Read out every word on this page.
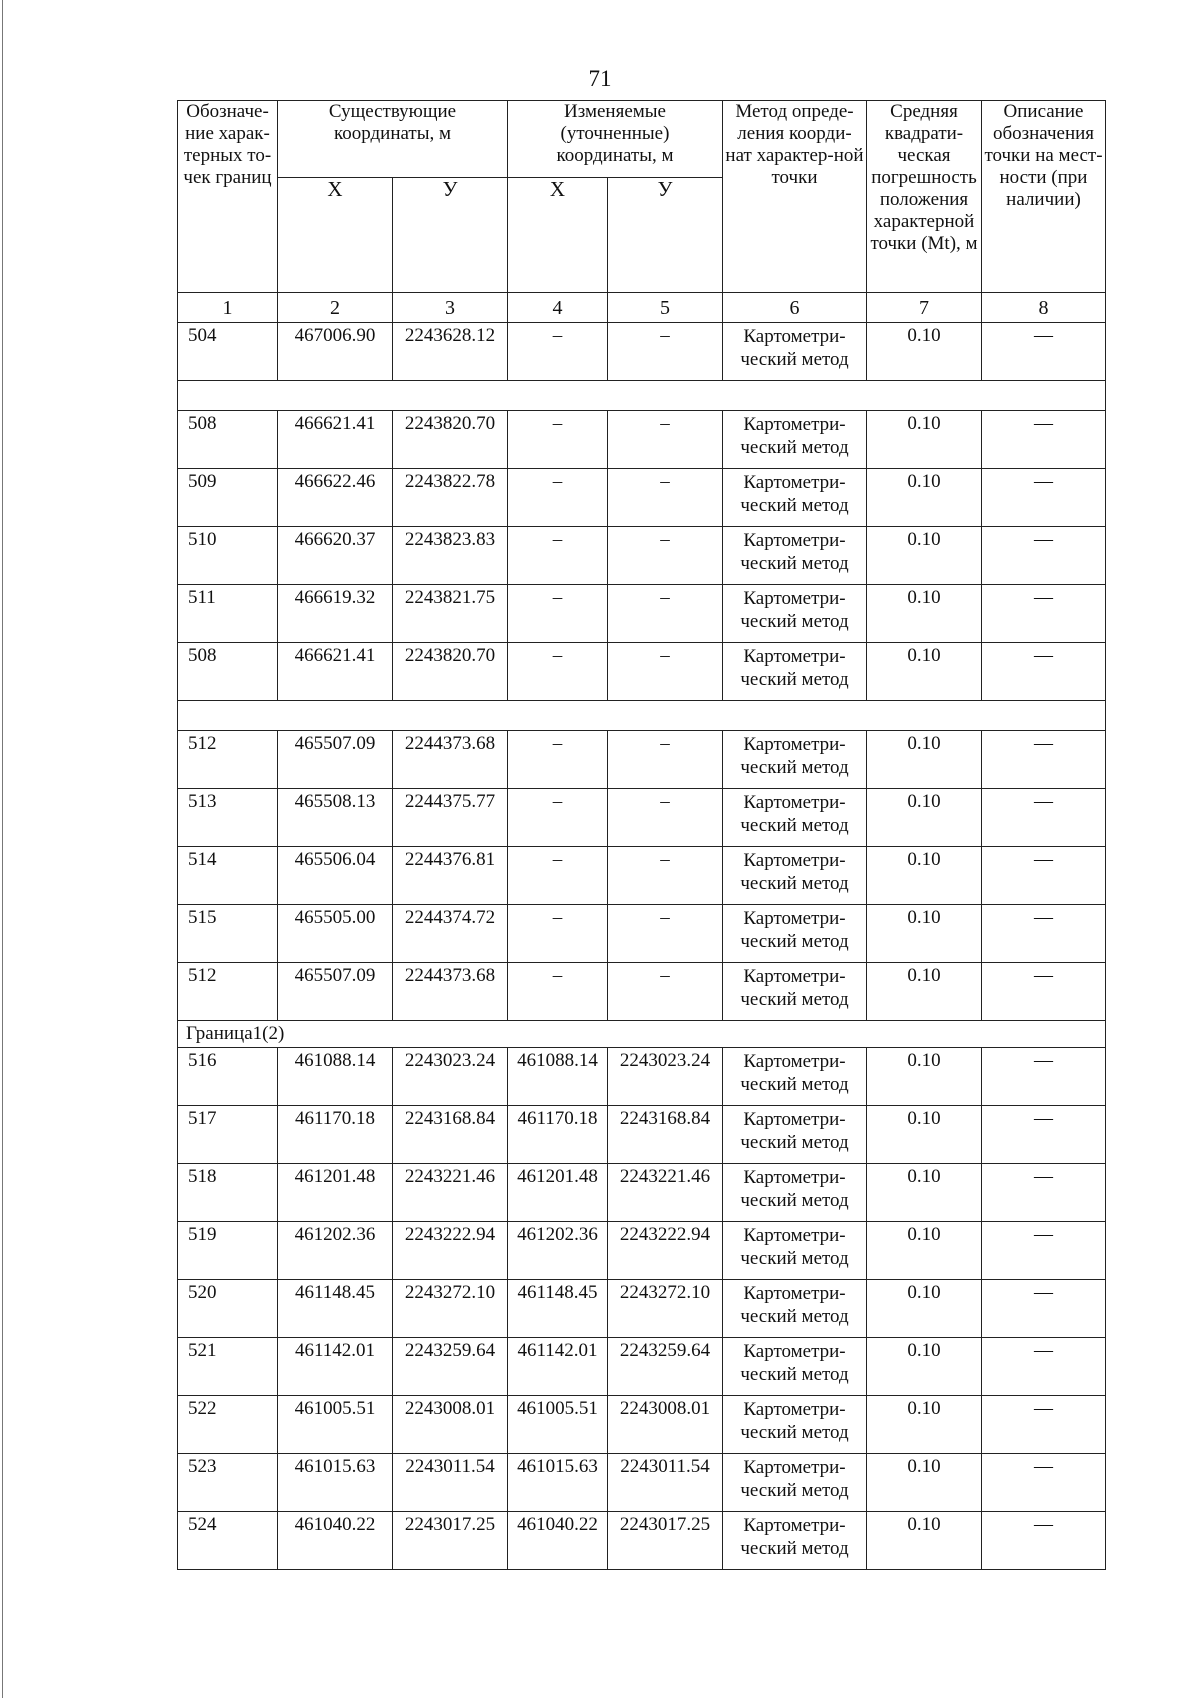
71
Обозначе-ние харак-терных то-чек границ	Существующие координаты, м		Изменяемые (уточненные) координаты, м		Метод опреде-ления коорди-нат характер-ной точки	Средняя квадрати-ческая погрешность положения характерной точки (Mt), м	Описание обозначения точки на мест-ности (при наличии)
	X	У	X	У			
1	2	3	4	5	6	7	8
504	467006.90	2243628.12	–	–	Картометри-ческий метод	0.10	—

508	466621.41	2243820.70	–	–	Картометри-ческий метод	0.10	—
509	466622.46	2243822.78	–	–	Картометри-ческий метод	0.10	—
510	466620.37	2243823.83	–	–	Картометри-ческий метод	0.10	—
511	466619.32	2243821.75	–	–	Картометри-ческий метод	0.10	—
508	466621.41	2243820.70	–	–	Картометри-ческий метод	0.10	—

512	465507.09	2244373.68	–	–	Картометри-ческий метод	0.10	—
513	465508.13	2244375.77	–	–	Картометри-ческий метод	0.10	—
514	465506.04	2244376.81	–	–	Картометри-ческий метод	0.10	—
515	465505.00	2244374.72	–	–	Картометри-ческий метод	0.10	—
512	465507.09	2244373.68	–	–	Картометри-ческий метод	0.10	—
Граница1(2)							
516	461088.14	2243023.24	461088.14	2243023.24	Картометри-ческий метод	0.10	—
517	461170.18	2243168.84	461170.18	2243168.84	Картометри-ческий метод	0.10	—
518	461201.48	2243221.46	461201.48	2243221.46	Картометри-ческий метод	0.10	—
519	461202.36	2243222.94	461202.36	2243222.94	Картометри-ческий метод	0.10	—
520	461148.45	2243272.10	461148.45	2243272.10	Картометри-ческий метод	0.10	—
521	461142.01	2243259.64	461142.01	2243259.64	Картометри-ческий метод	0.10	—
522	461005.51	2243008.01	461005.51	2243008.01	Картометри-ческий метод	0.10	—
523	461015.63	2243011.54	461015.63	2243011.54	Картометри-ческий метод	0.10	—
524	461040.22	2243017.25	461040.22	2243017.25	Картометри-ческий метод	0.10	—
